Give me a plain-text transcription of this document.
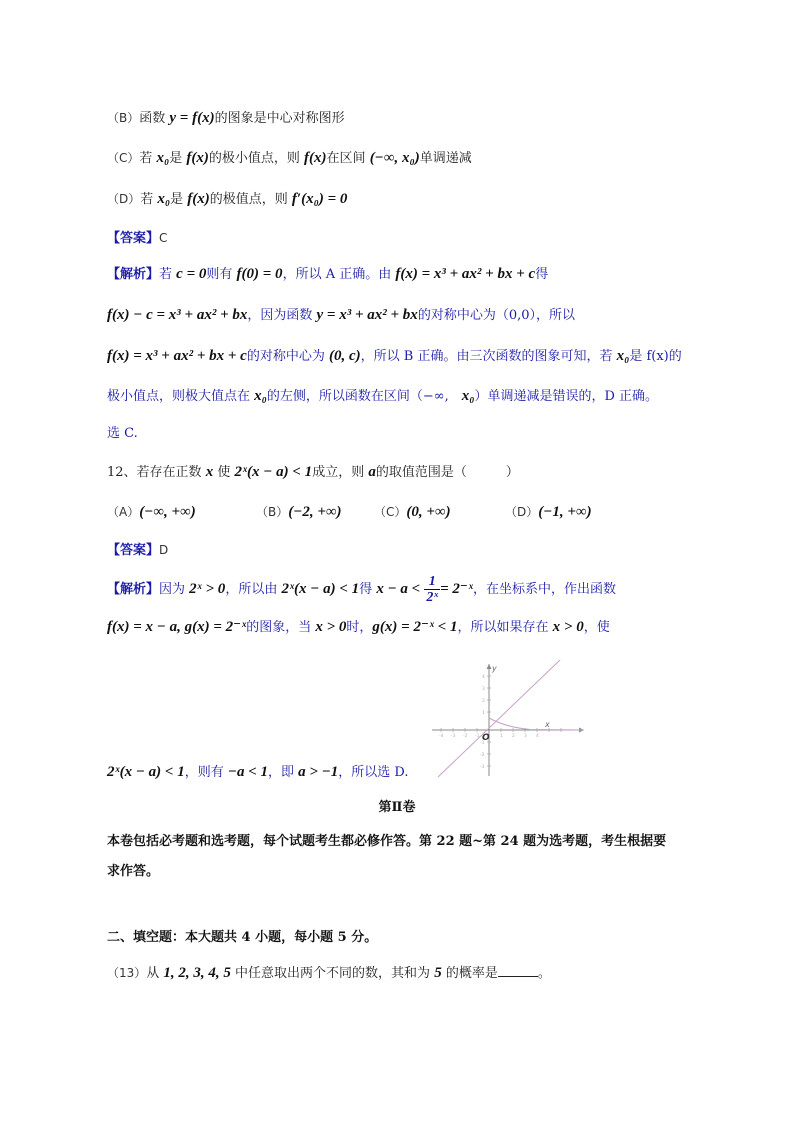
（B）函数 y = f(x)的图象是中心对称图形
（C）若 x₀是 f(x)的极小值点，则 f(x)在区间 (−∞, x₀)单调递减
（D）若 x₀是 f(x)的极值点，则 f′(x₀) = 0
【答案】C
【解析】若 c = 0则有 f(0) = 0，所以 A 正确。由 f(x) = x³ + ax² + bx + c得
f(x) − c = x³ + ax² + bx，因为函数 y = x³ + ax² + bx的对称中心为（0,0），所以
f(x) = x³ + ax² + bx + c的对称中心为 (0, c)，所以 B 正确。由三次函数的图象可知，若 x₀是 f(x)的
极小值点，则极大值点在 x₀的左侧，所以函数在区间（−∞,　x₀）单调递减是错误的，D 正确。
选 C.
12、若存在正数 x 使 2ˣ(x − a) < 1成立，则 a的取值范围是（　　　）
（A）(−∞, +∞)	（B）(−2, +∞)	（C）(0, +∞)	（D）(−1, +∞)
【答案】D
【解析】因为 2ˣ > 0，所以由 2ˣ(x − a) < 1得 $x - a < \frac{1}{\text{2ˣ}}$ = 2⁻ˣ，在坐标系中，作出函数
f(x) = x − a, g(x) = 2⁻ˣ的图象，当 x > 0时，g(x) = 2⁻ˣ < 1，所以如果存在 x > 0，使
-4 -3 -2 -1	1 2 3 4
4
3
2
1
-1
-2
-3
y
x
O
2ˣ(x − a) < 1，则有 −a < 1，即 a > −1，所以选 D.
第Ⅱ卷
本卷包括必考题和选考题，每个试题考生都必修作答。第 22 题~第 24 题为选考题，考生根据要
求作答。
二、填空题：本大题共 4 小题，每小题 5 分。
（13）从 1, 2, 3, 4, 5 中任意取出两个不同的数，其和为 5 的概率是	。
